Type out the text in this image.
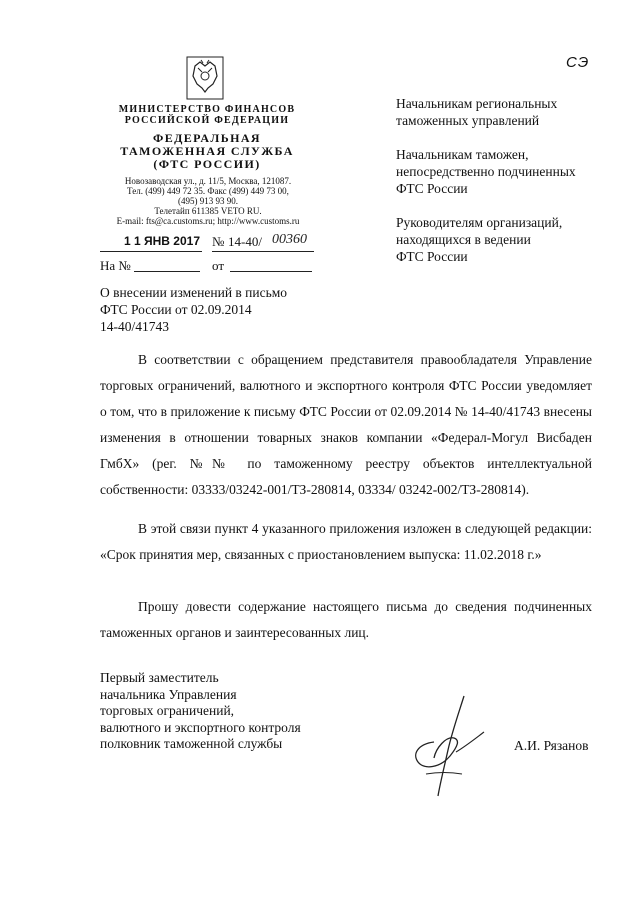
СЭ
МИНИСТЕРСТВО ФИНАНСОВ
РОССИЙСКОЙ ФЕДЕРАЦИИ
ФЕДЕРАЛЬНАЯ
ТАМОЖЕННАЯ СЛУЖБА
(ФТС РОССИИ)
Новозаводская ул., д. 11/5, Москва, 121087.
Тел. (499) 449 72 35. Факс (499) 449 73 00,
(495) 913 93 90.
Телетайп 611385 VETO RU.
E-mail: fts@ca.customs.ru; http://www.customs.ru
1 1 ЯНВ 2017 № 14-40/ 00360
На №	от
Начальникам региональных
таможенных управлений
Начальникам таможен,
непосредственно подчиненных
ФТС России
Руководителям организаций,
находящихся в ведении
ФТС России
О внесении изменений в письмо
ФТС России от 02.09.2014
14-40/41743
В соответствии с обращением представителя правообладателя Управление торговых ограничений, валютного и экспортного контроля ФТС России уведомляет о том, что в приложение к письму ФТС России от 02.09.2014 № 14-40/41743 внесены изменения в отношении товарных знаков компании «Федерал-Могул Висбаден ГмбХ» (рег. №№ по таможенному реестру объектов интеллектуальной собственности: 03333/03242-001/ТЗ-280814, 03334/ 03242-002/ТЗ-280814).
В этой связи пункт 4 указанного приложения изложен в следующей редакции: «Срок принятия мер, связанных с приостановлением выпуска: 11.02.2018 г.»
Прошу довести содержание настоящего письма до сведения подчиненных таможенных органов и заинтересованных лиц.
Первый заместитель
начальника Управления
торговых ограничений,
валютного и экспортного контроля
полковник таможенной службы	А.И. Рязанов
